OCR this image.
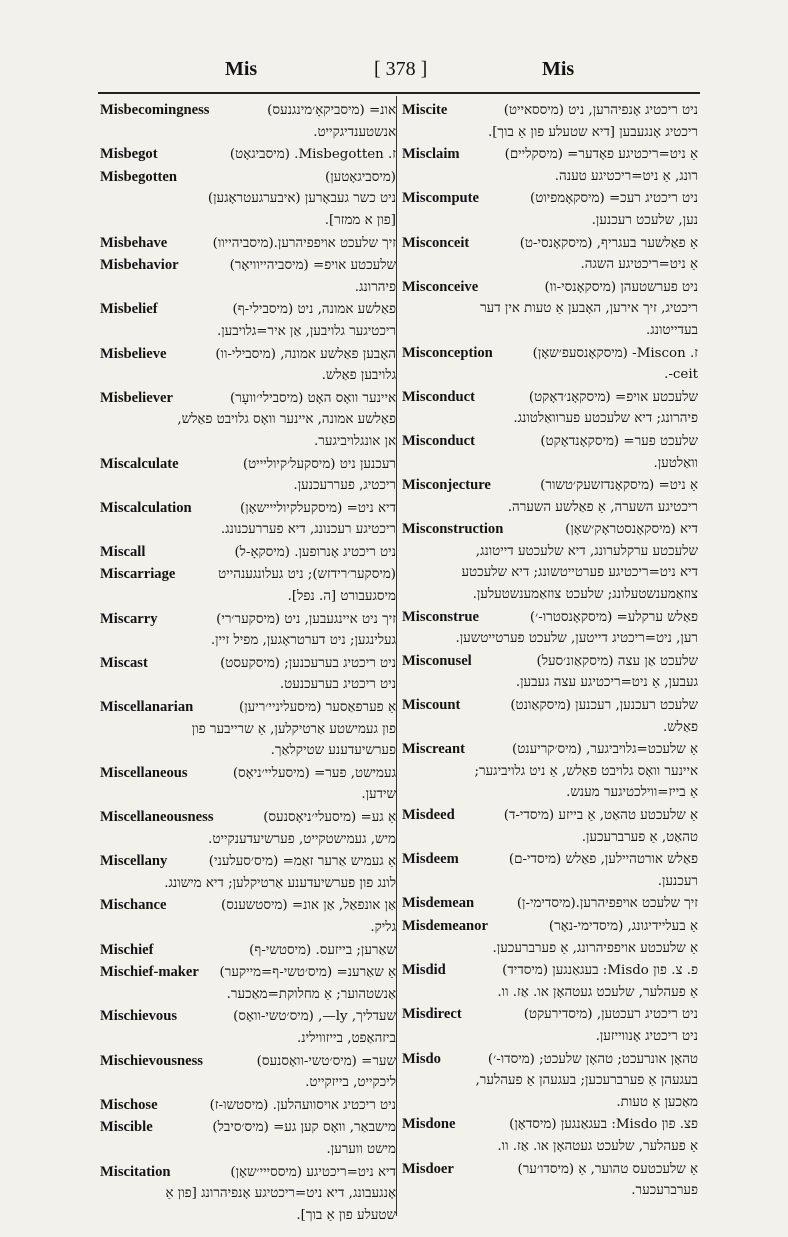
Mis	[ 378 ]	Mis
Misbecomingness	אונ= (מיסביקאָ׳מינגנעס)
אנשטענדיגקייט.
Misbegot	ז. Misbegotten. (מיסביגאָט)
Misbegotten	(מיסביגאָטען)
ניט כשר געבאָרען (איבערגעטראָגען)
[פון א ממזר].
Misbehave	זיך שלעכט אויפפיהרען.(מיסביהייוו)
Misbehavior	שלעכטע אויפ= (מיסביהייוויאָר)
פיהרונג.
Misbelief	פאַלשע אמונה, ניט (מיסבילי-ף)
ריכטיגער גלויבען, אַן איר=גלויבען.
Misbelieve	האָבען פאַלשע אמונה, (מיסבילי-וו)
גלויבען פאַלש.
Misbeliever	איינער וואָס האָט (מיסבילי׳וועָר)
פאַלשע אמונה, איינער וואָס גלויבט פאַלש,
אן אונגלויביגער.
Miscalculate	רעכנען ניט (מיסקעל׳קיוליייט)
ריכטיג, פעררעכנען.
Miscalculation	דיא ניט= (מיסקעלקיולייישאָן)
ריכטיגע רעכנונג, דיא פעררעכנונג.
Miscall	ניט ריכטיג אָנרופען. (מיסקאָ-ל)
Miscarriage	(מיסקער׳רידזש); ניט געלונגענהייט
מיסגעבורט [ה. נפל].
Miscarry	זיך ניט איינגעבען, ניט (מיסקער׳רי)
געלינגען; ניט דערטראָגען, מפיל זיין.
Miscast	ניט ריכטיג בערעכנען; (מיסקעסט)
ניט ריכטיג בערעכנעט.
Miscellanarian	אַ פערפאַסער (מיסעליניי׳ריען)
פון געמישטע אַרטיקלען, אַ שרייבער פון
פערשיעדענע שטיקלאַך.
Miscellaneous	געמישט, פער= (מיסעליי׳ניאָס)
שידען.
Miscellaneousness	אַ גע= (מיסעלי׳ניאָסנעס)
מיש, געמישטקייט, פערשיעדענקייט.
Miscellany	אַ געמיש אַרער זאַמ= (מיס׳סעלעני)
לונג פון פערשיעדענע אַרטיקלען; דיא מישונג.
Mischance	אַן אונפאַל, אַן אונ= (מיסטשענס)
גליק.
Mischief	שאַרען; בייזעס. (מיסטשי-ף)
Mischief-maker אַ שאַרענ= (מיס׳טשי-ף=מייקער)
אַנשטהוער; אַ מחלוקת=מאַכער.
Mischievous	שעדליך, ly—, (מיס׳טשי-וואָס)
ביזהאַפט, בייזווילינ.
Mischievousness	שער= (מיס׳טשי-וואָסנעס)
ליכקייט, בייזקייט.
Mischose	ניט ריכטיג אויסוועהלען. (מיסטשו-ז)
Miscible	מישבאַר, וואָס קען גע= (מיס׳סיבל)
מישט ווערען.
Miscitation	דיא ניט=ריכטיגע (מיססייי׳שאָן)
אָנגעבונג, דיא ניט=ריכטיגע אָנפיהרונג [פון אַ
שטעלע פון אַ בוך].
Miscite	ניט ריכטיג אָנפיהרען, ניט (מיססאייט)
ריכטיג אָנגעבען [דיא שטעלע פון אַ בוך].
Misclaim	אַ ניט=ריכטיגע פאָדער= (מיסקליים)
רונג, אַ ניט=ריכטיגע טענה.
Miscompute	ניט ריכטיג רעכ= (מיסקאָמפיוט)
נען, שלעכט רעכנען.
Misconceit	אַ פאַלשער בעגריף, (מיסקאָנסי-ט)
אַ ניט=ריכטיגע השגה.
Misconceive	ניט פערשטעהן (מיסקאָנסי-וו)
ריכטיג, זיך אירען, האָבען אַ טעות אין דער
בעדייטונג.
Misconception	ז. Miscon- (מיסקאָנסעפ׳שאָן)
ceit-.
Misconduct	שלעכטע אויפ= (מיסקאָנ׳דאָקט)
פיהרונג; דיא שלעכטע פערוואַלטונג.
Misconduct	שלעכט פער= (מיסקאָנדאָקט)
וואַלטען.
Misconjecture	אַ ניט= (מיסקאָנדזשעק׳טשור)
ריכטיגע השערה, אַ פאַלשע השערה.
Misconstruction	דיא (מיסקאָנסטראָק׳שאָן)
שלעכטע ערקלערונג, דיא שלעכטע דייטונג,
דיא ניט=ריכטיגע פערטייטשונג; דיא שלעכטע
צוזאַמענשטעלונג; שלעכט צוזאַמענשטעלען.
Misconstrue	פאַלש ערקלע= (מיסקאָנסטרו-׳)
רען, ניט=ריכטיג דייטען, שלעכט פערטייטשען.
Misconusel	שלעכט אַן עצה (מיסקאַונ׳סעל)
געבען, אַ ניט=ריכטיגע עצה געבען.
Miscount	שלעכט רעכנען, רעכנען (מיסקאַונט)
פאַלש.
Miscreant	אַ שלעכט=גלויביגער, (מיס׳קריענט)
איינער וואָס גלויבט פאַלש, אַ ניט גלויביגער;
אַ בייז=ווילכטיגער מענש.
Misdeed	אַ שלעכטע טהאַט, אַ בייזע (מיסדי-ד)
טהאַט, אַ פערברעכען.
Misdeem	פאַלש אורטהיילען, פאַלש (מיסדי-ם)
רעכנען.
Misdemean	זיך שלעכט אויפפיהרען.(מיסדימי-ן)
Misdemeanor	אַ בעליידיגונג, (מיסדימי-נאָר)
אַ שלעכטע אויפפיהרונג, אַ פערברעכען.
Misdid	פ. צ. פון Misdo: בעגאַנגען (מיסדיד)
אַ פעהלער, שלעכט געטהאָן או. אַז. וו.
Misdirect	ניט ריכטיג רעכטען, (מיסדירעקט)
ניט ריכטיג אָנווייזען.
Misdo	טהאָן אונרעכט; טהאָן שלעכט; (מיסדו-׳)
בעגעהן אַ פערברעכען; בעגעהן אַ פעהלער,
מאַכען אַ טעות.
Misdone	פצ. פון Misdo: בעגאַנגען (מיסדאָן)
אַ פעהלער, שלעכט געטהאָן או. אַז. וו.
Misdoer	אַ שלעכטעס טהוער, אַ (מיסדו׳ער)
פערברעכער.
